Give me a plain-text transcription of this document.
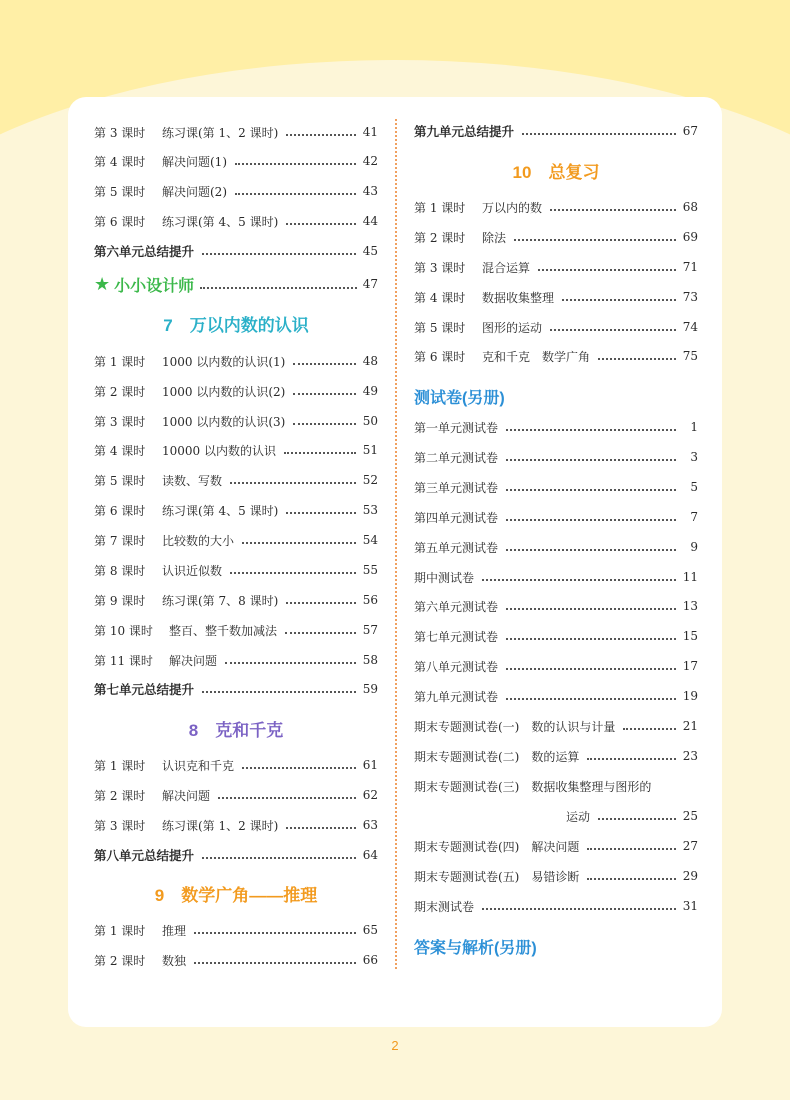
第 3 课时	练习课(第 1、2 课时)	41
第 4 课时	解决问题(1)	42
第 5 课时	解决问题(2)	43
第 6 课时	练习课(第 4、5 课时)	44
第六单元总结提升	45
★ 小小设计师	47
7　万以内数的认识
第 1 课时	1000 以内数的认识(1)	48
第 2 课时	1000 以内数的认识(2)	49
第 3 课时	1000 以内数的认识(3)	50
第 4 课时	10000 以内数的认识	51
第 5 课时	读数、写数	52
第 6 课时	练习课(第 4、5 课时)	53
第 7 课时	比较数的大小	54
第 8 课时	认识近似数	55
第 9 课时	练习课(第 7、8 课时)	56
第 10 课时	整百、整千数加减法	57
第 11 课时	解决问题	58
第七单元总结提升	59
8　克和千克
第 1 课时	认识克和千克	61
第 2 课时	解决问题	62
第 3 课时	练习课(第 1、2 课时)	63
第八单元总结提升	64
9　数学广角——推理
第 1 课时	推理	65
第 2 课时	数独	66
第九单元总结提升	67
10　总复习
第 1 课时	万以内的数	68
第 2 课时	除法	69
第 3 课时	混合运算	71
第 4 课时	数据收集整理	73
第 5 课时	图形的运动	74
第 6 课时	克和千克　数学广角	75
测试卷(另册)
第一单元测试卷	1
第二单元测试卷	3
第三单元测试卷	5
第四单元测试卷	7
第五单元测试卷	9
期中测试卷	11
第六单元测试卷	13
第七单元测试卷	15
第八单元测试卷	17
第九单元测试卷	19
期末专题测试卷(一)　数的认识与计量	21
期末专题测试卷(二)　数的运算	23
期末专题测试卷(三)　数据收集整理与图形的
运动	25
期末专题测试卷(四)　解决问题	27
期末专题测试卷(五)　易错诊断	29
期末测试卷	31
答案与解析(另册)
2
